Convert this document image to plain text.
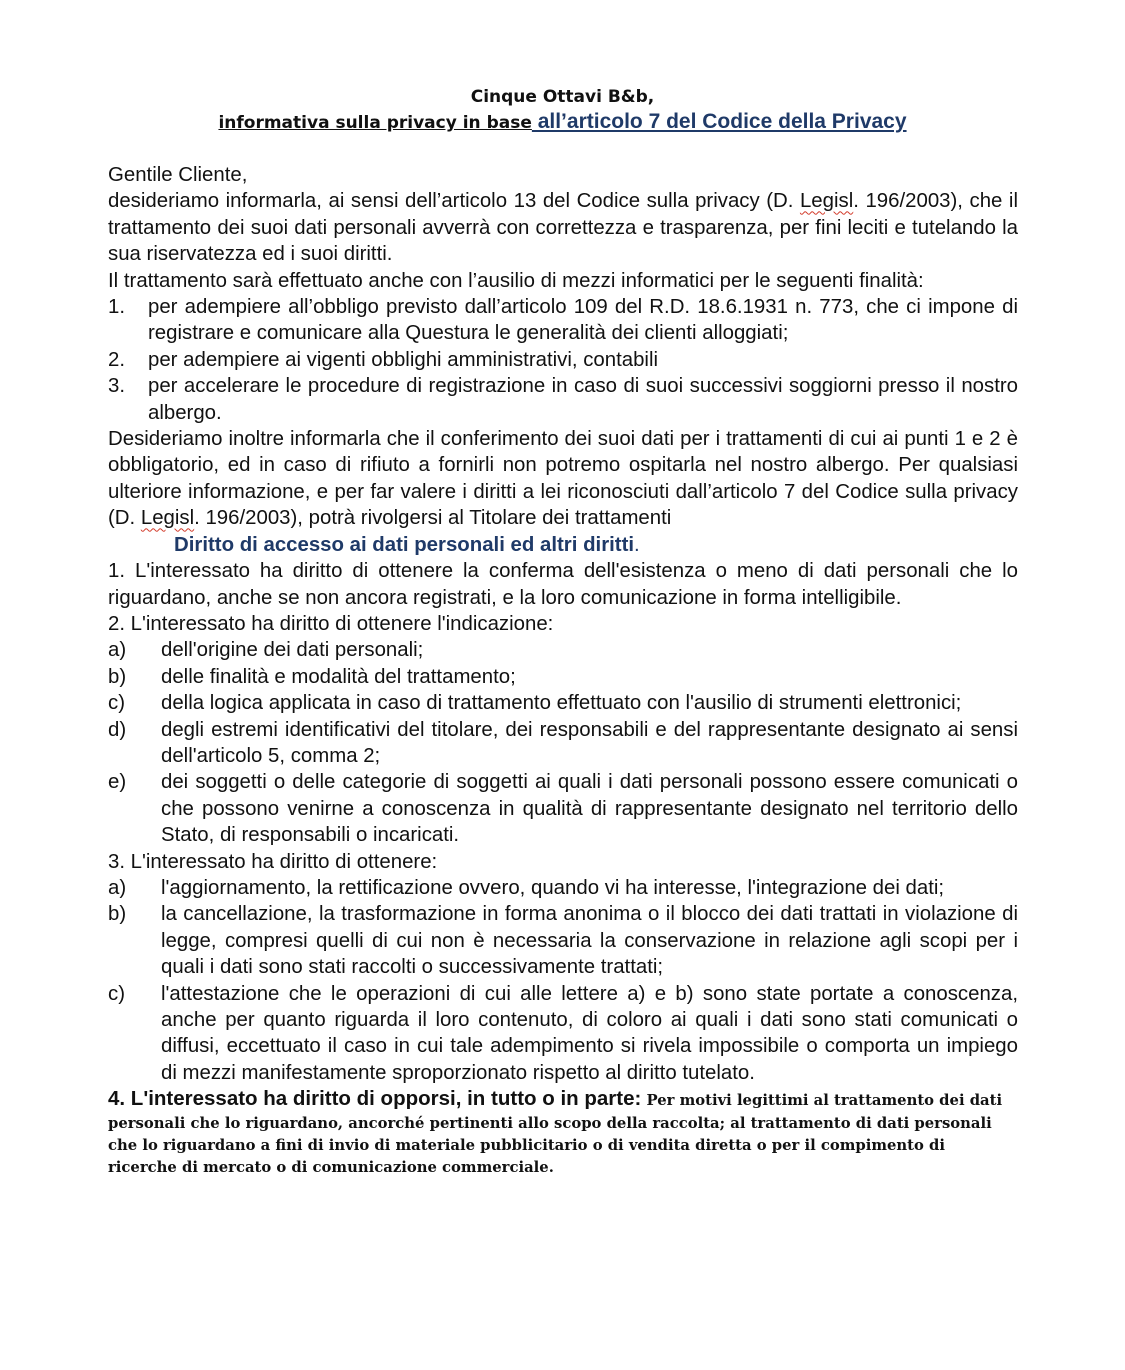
Cinque Ottavi B&b,
informativa sulla privacy in base all’articolo 7 del Codice della Privacy

Gentile Cliente,

desideriamo informarla, ai sensi dell’articolo 13 del Codice sulla privacy (D. Legisl. 196/2003), che il trattamento dei suoi dati personali avverrà con correttezza e trasparenza, per fini leciti e tutelando la sua riservatezza ed i suoi diritti.

Il trattamento sarà effettuato anche con l’ausilio di mezzi informatici per le seguenti finalità:

1. per adempiere all’obbligo previsto dall’articolo 109 del R.D. 18.6.1931 n. 773, che ci impone di registrare e comunicare alla Questura le generalità dei clienti alloggiati;
2. per adempiere ai vigenti obblighi amministrativi, contabili
3. per accelerare le procedure di registrazione in caso di suoi successivi soggiorni presso il nostro albergo.

Desideriamo inoltre informarla che il conferimento dei suoi dati per i trattamenti di cui ai punti 1 e 2 è obbligatorio, ed in caso di rifiuto a fornirli non potremo ospitarla nel nostro albergo. Per qualsiasi ulteriore informazione, e per far valere i diritti a lei riconosciuti dall’articolo 7 del Codice sulla privacy (D. Legisl. 196/2003), potrà rivolgersi al Titolare dei trattamenti

Diritto di accesso ai dati personali ed altri diritti.

1. L'interessato ha diritto di ottenere la conferma dell'esistenza o meno di dati personali che lo riguardano, anche se non ancora registrati, e la loro comunicazione in forma intelligibile.

2. L'interessato ha diritto di ottenere l'indicazione:

a) dell'origine dei dati personali;
b) delle finalità e modalità del trattamento;
c) della logica applicata in caso di trattamento effettuato con l'ausilio di strumenti elettronici;
d) degli estremi identificativi del titolare, dei responsabili e del rappresentante designato ai sensi dell'articolo 5, comma 2;
e) dei soggetti o delle categorie di soggetti ai quali i dati personali possono essere comunicati o che possono venirne a conoscenza in qualità di rappresentante designato nel territorio dello Stato, di responsabili o incaricati.

3. L'interessato ha diritto di ottenere:

a) l'aggiornamento, la rettificazione ovvero, quando vi ha interesse, l'integrazione dei dati;
b) la cancellazione, la trasformazione in forma anonima o il blocco dei dati trattati in violazione di legge, compresi quelli di cui non è necessaria la conservazione in relazione agli scopi per i quali i dati sono stati raccolti o successivamente trattati;
c) l'attestazione che le operazioni di cui alle lettere a) e b) sono state portate a conoscenza, anche per quanto riguarda il loro contenuto, di coloro ai quali i dati sono stati comunicati o diffusi, eccettuato il caso in cui tale adempimento si rivela impossibile o comporta un impiego di mezzi manifestamente sproporzionato rispetto al diritto tutelato.

4. L'interessato ha diritto di opporsi, in tutto o in parte: Per motivi legittimi al trattamento dei dati personali che lo riguardano, ancorché pertinenti allo scopo della raccolta; al trattamento di dati personali che lo riguardano a fini di invio di materiale pubblicitario o di vendita diretta o per il compimento di ricerche di mercato o di comunicazione commerciale.
